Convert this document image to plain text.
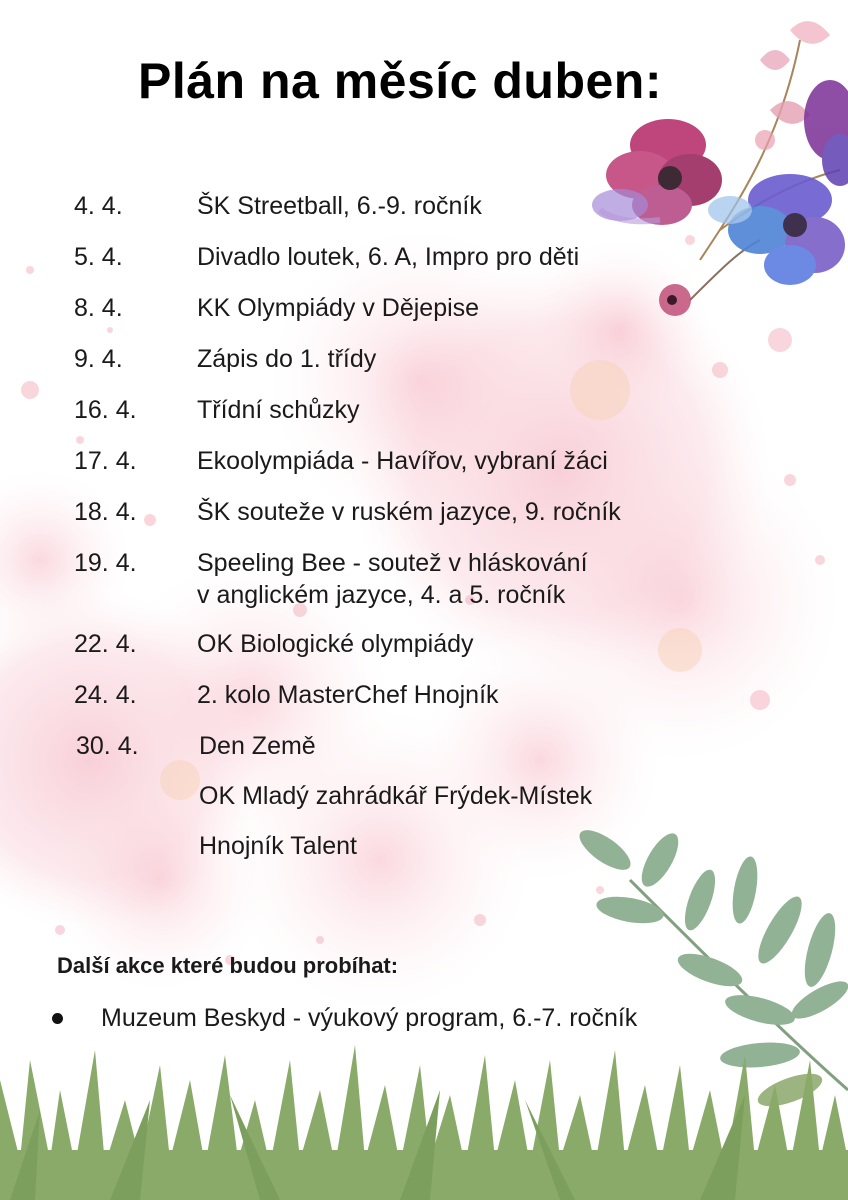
Plán na měsíc duben:
4. 4.	ŠK Streetball, 6.-9. ročník
5. 4.	Divadlo loutek, 6. A, Impro pro děti
8. 4.	KK Olympiády v Dějepise
9. 4.	Zápis do 1. třídy
16. 4.	Třídní schůzky
17. 4.	Ekoolympiáda - Havířov, vybraní žáci
18. 4.	ŠK souteže v ruském jazyce, 9. ročník
19. 4.	Speeling Bee - soutež v hláskování
v anglickém jazyce, 4. a 5. ročník
22. 4.	OK Biologické olympiády
24. 4.	2. kolo MasterChef Hnojník
30. 4.	Den Země
OK Mladý zahrádkář Frýdek-Místek
Hnojník Talent
Další akce které budou probíhat:
Muzeum Beskyd - výukový program, 6.-7. ročník
